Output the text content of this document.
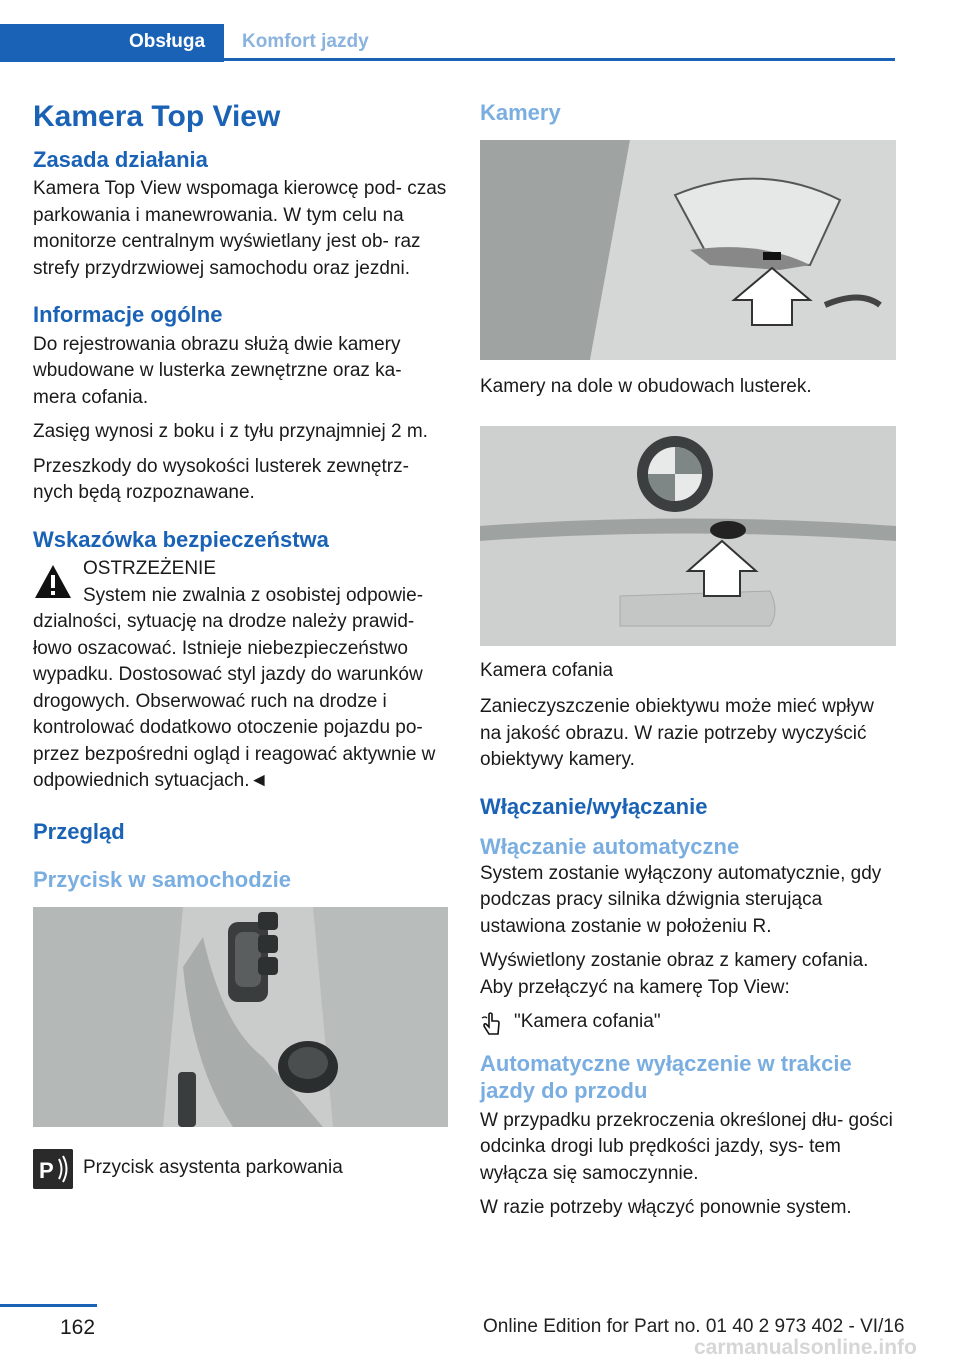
Obsługa	Komfort jazdy
Kamera Top View
Zasada działania

Kamera Top View wspomaga kierowcę pod- czas parkowania i manewrowania. W tym celu na monitorze centralnym wyświetlany jest ob- raz strefy przydrzwiowej samochodu oraz jezdni.

Informacje ogólne

Do rejestrowania obrazu służą dwie kamery wbudowane w lusterka zewnętrzne oraz ka- mera cofania.

Zasięg wynosi z boku i z tyłu przynajmniej 2 m.

Przeszkody do wysokości lusterek zewnętrz- nych będą rozpoznawane.

Wskazówka bezpieczeństwa

OSTRZEŻENIE

System nie zwalnia z osobistej odpowie- dzialności, sytuację na drodze należy prawid- łowo oszacować. Istnieje niebezpieczeństwo wypadku. Dostosować styl jazdy do warunków drogowych. Obserwować ruch na drodze i kontrolować dodatkowo otoczenie pojazdu po- przez bezpośredni ogląd i reagować aktywnie w odpowiednich sytuacjach.◄

Przegląd
Przycisk w samochodzie
P Przycisk asystenta parkowania

Kamery

Kamery na dole w obudowach lusterek.

Kamera cofania

Zanieczyszczenie obiektywu może mieć wpływ na jakość obrazu. W razie potrzeby wyczyścić obiektywy kamery.

Włączanie/wyłączanie
Włączanie automatyczne

System zostanie wyłączony automatycznie, gdy podczas pracy silnika dźwignia sterująca ustawiona zostanie w położeniu R.

Wyświetlony zostanie obraz z kamery cofania. Aby przełączyć na kamerę Top View:

"Kamera cofania"

Automatyczne wyłączenie w trakcie jazdy do przodu

W przypadku przekroczenia określonej dłu- gości odcinka drogi lub prędkości jazdy, sys- tem wyłącza się samoczynnie.

W razie potrzeby włączyć ponownie system.

162	Online Edition for Part no. 01 40 2 973 402 - VI/16
carmanualsonline.info
